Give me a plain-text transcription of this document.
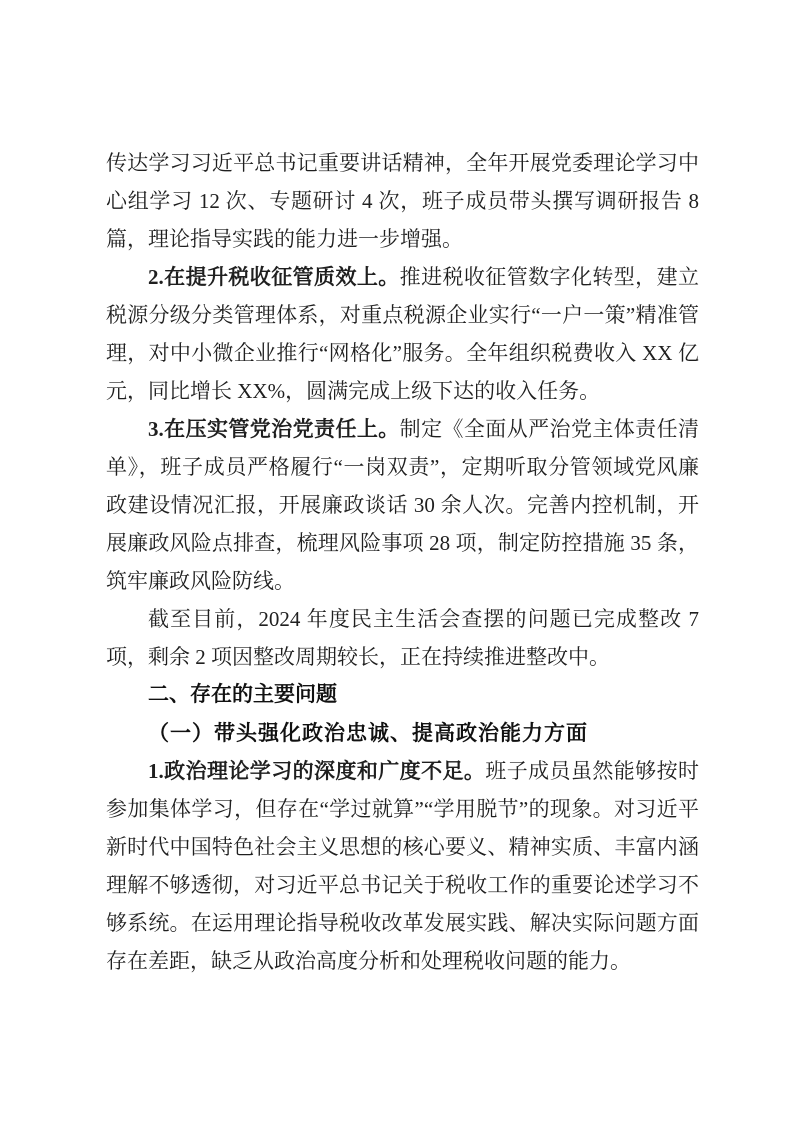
传达学习习近平总书记重要讲话精神，全年开展党委理论学习中心组学习 12 次、专题研讨 4 次，班子成员带头撰写调研报告 8 篇，理论指导实践的能力进一步增强。

2.在提升税收征管质效上。推进税收征管数字化转型，建立税源分级分类管理体系，对重点税源企业实行“一户一策”精准管理，对中小微企业推行“网格化”服务。全年组织税费收入 XX 亿元，同比增长 XX%，圆满完成上级下达的收入任务。

3.在压实管党治党责任上。制定《全面从严治党主体责任清单》，班子成员严格履行“一岗双责”，定期听取分管领域党风廉政建设情况汇报，开展廉政谈话 30 余人次。完善内控机制，开展廉政风险点排查，梳理风险事项 28 项，制定防控措施 35 条，筑牢廉政风险防线。

截至目前，2024 年度民主生活会查摆的问题已完成整改 7 项，剩余 2 项因整改周期较长，正在持续推进整改中。

二、存在的主要问题
（一）带头强化政治忠诚、提高政治能力方面

1.政治理论学习的深度和广度不足。班子成员虽然能够按时参加集体学习，但存在“学过就算”“学用脱节”的现象。对习近平新时代中国特色社会主义思想的核心要义、精神实质、丰富内涵理解不够透彻，对习近平总书记关于税收工作的重要论述学习不够系统。在运用理论指导税收改革发展实践、解决实际问题方面存在差距，缺乏从政治高度分析和处理税收问题的能力。
